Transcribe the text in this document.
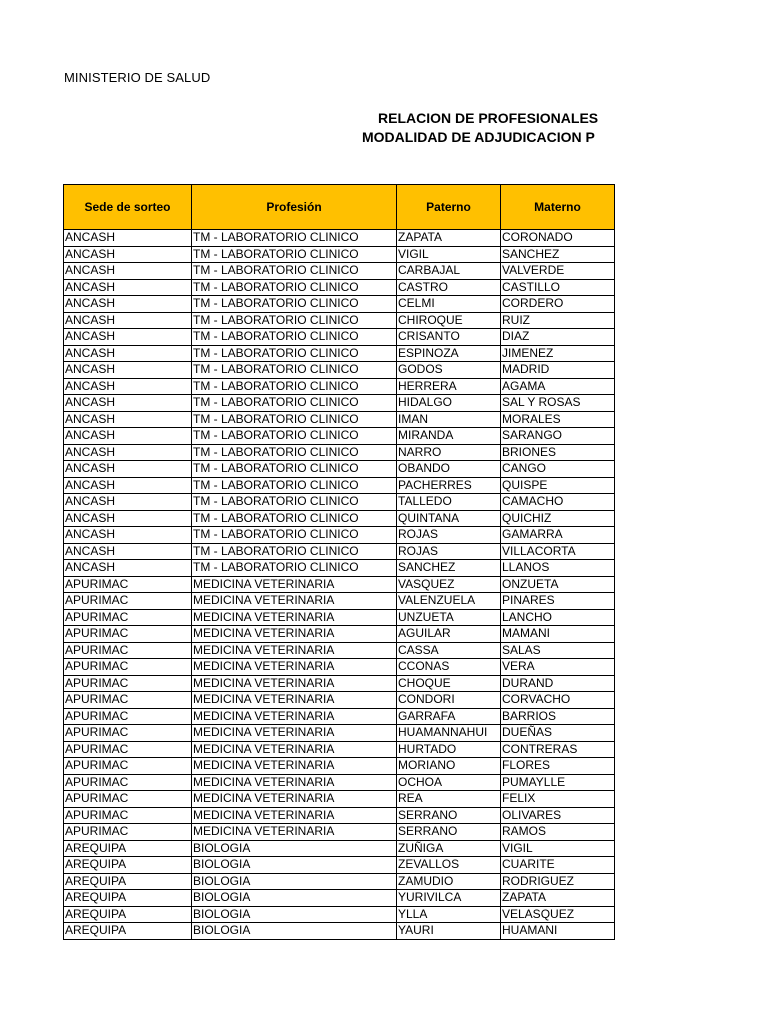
MINISTERIO DE SALUD
RELACION DE PROFESIONALES
MODALIDAD DE ADJUDICACION P
Sede de sorteo	Profesión	Paterno	Materno
ANCASH	TM - LABORATORIO CLINICO	ZAPATA	CORONADO
ANCASH	TM - LABORATORIO CLINICO	VIGIL	SANCHEZ
ANCASH	TM - LABORATORIO CLINICO	CARBAJAL	VALVERDE
ANCASH	TM - LABORATORIO CLINICO	CASTRO	CASTILLO
ANCASH	TM - LABORATORIO CLINICO	CELMI	CORDERO
ANCASH	TM - LABORATORIO CLINICO	CHIROQUE	RUIZ
ANCASH	TM - LABORATORIO CLINICO	CRISANTO	DIAZ
ANCASH	TM - LABORATORIO CLINICO	ESPINOZA	JIMENEZ
ANCASH	TM - LABORATORIO CLINICO	GODOS	MADRID
ANCASH	TM - LABORATORIO CLINICO	HERRERA	AGAMA
ANCASH	TM - LABORATORIO CLINICO	HIDALGO	SAL Y ROSAS
ANCASH	TM - LABORATORIO CLINICO	IMAN	MORALES
ANCASH	TM - LABORATORIO CLINICO	MIRANDA	SARANGO
ANCASH	TM - LABORATORIO CLINICO	NARRO	BRIONES
ANCASH	TM - LABORATORIO CLINICO	OBANDO	CANGO
ANCASH	TM - LABORATORIO CLINICO	PACHERRES	QUISPE
ANCASH	TM - LABORATORIO CLINICO	TALLEDO	CAMACHO
ANCASH	TM - LABORATORIO CLINICO	QUINTANA	QUICHIZ
ANCASH	TM - LABORATORIO CLINICO	ROJAS	GAMARRA
ANCASH	TM - LABORATORIO CLINICO	ROJAS	VILLACORTA
ANCASH	TM - LABORATORIO CLINICO	SANCHEZ	LLANOS
APURIMAC	MEDICINA VETERINARIA	VASQUEZ	ONZUETA
APURIMAC	MEDICINA VETERINARIA	VALENZUELA	PINARES
APURIMAC	MEDICINA VETERINARIA	UNZUETA	LANCHO
APURIMAC	MEDICINA VETERINARIA	AGUILAR	MAMANI
APURIMAC	MEDICINA VETERINARIA	CASSA	SALAS
APURIMAC	MEDICINA VETERINARIA	CCONAS	VERA
APURIMAC	MEDICINA VETERINARIA	CHOQUE	DURAND
APURIMAC	MEDICINA VETERINARIA	CONDORI	CORVACHO
APURIMAC	MEDICINA VETERINARIA	GARRAFA	BARRIOS
APURIMAC	MEDICINA VETERINARIA	HUAMANNAHUI	DUEÑAS
APURIMAC	MEDICINA VETERINARIA	HURTADO	CONTRERAS
APURIMAC	MEDICINA VETERINARIA	MORIANO	FLORES
APURIMAC	MEDICINA VETERINARIA	OCHOA	PUMAYLLE
APURIMAC	MEDICINA VETERINARIA	REA	FELIX
APURIMAC	MEDICINA VETERINARIA	SERRANO	OLIVARES
APURIMAC	MEDICINA VETERINARIA	SERRANO	RAMOS
AREQUIPA	BIOLOGIA	ZUÑIGA	VIGIL
AREQUIPA	BIOLOGIA	ZEVALLOS	CUARITE
AREQUIPA	BIOLOGIA	ZAMUDIO	RODRIGUEZ
AREQUIPA	BIOLOGIA	YURIVILCA	ZAPATA
AREQUIPA	BIOLOGIA	YLLA	VELASQUEZ
AREQUIPA	BIOLOGIA	YAURI	HUAMANI
